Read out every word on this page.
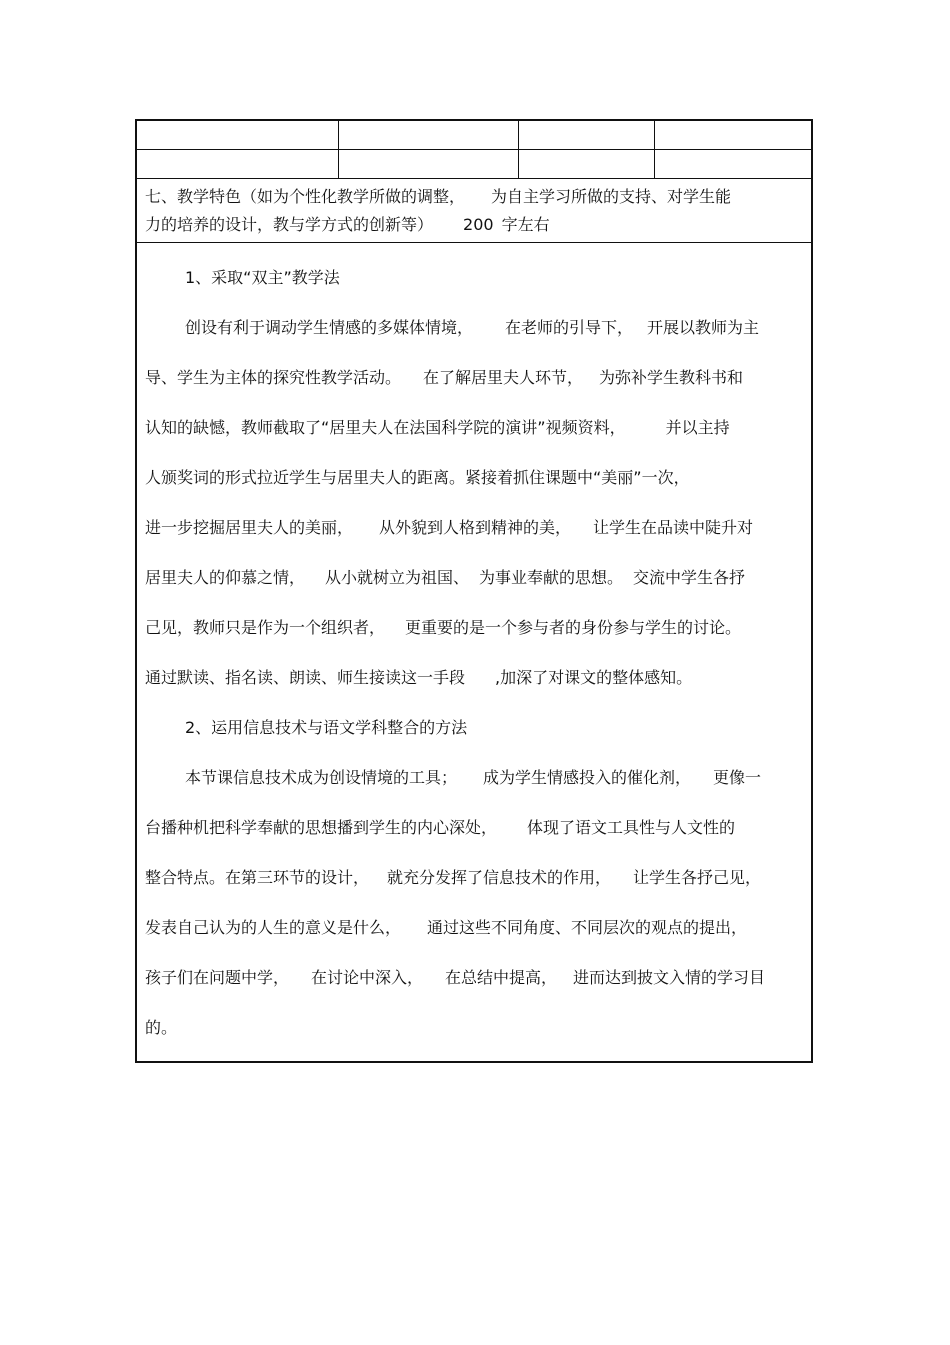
七、教学特色（如为个性化教学所做的调整， 为自主学习所做的支持、对学生能
力的培养的设计，教与学方式的创新等） 200 字左右
1、采取“双主”教学法
创设有利于调动学生情感的多媒体情境， 在老师的引导下， 开展以教师为主
导、学生为主体的探究性教学活动。 在了解居里夫人环节， 为弥补学生教科书和
认知的缺憾，教师截取了“居里夫人在法国科学院的演讲”视频资料，	并以主持
人颁奖词的形式拉近学生与居里夫人的距离。紧接着抓住课题中“美丽”一次，
进一步挖掘居里夫人的美丽， 从外貌到人格到精神的美， 让学生在品读中陡升对
居里夫人的仰慕之情， 从小就树立为祖国、 为事业奉献的思想。 交流中学生各抒
己见，教师只是作为一个组织者， 更重要的是一个参与者的身份参与学生的讨论。
通过默读、指名读、朗读、师生接读这一手段 ,加深了对课文的整体感知。
2、运用信息技术与语文学科整合的方法
本节课信息技术成为创设情境的工具； 成为学生情感投入的催化剂， 更像一
台播种机把科学奉献的思想播到学生的内心深处， 体现了语文工具性与人文性的
整合特点。在第三环节的设计， 就充分发挥了信息技术的作用， 让学生各抒己见，
发表自己认为的人生的意义是什么， 通过这些不同角度、不同层次的观点的提出，
孩子们在问题中学， 在讨论中深入， 在总结中提高， 进而达到披文入情的学习目
的。
